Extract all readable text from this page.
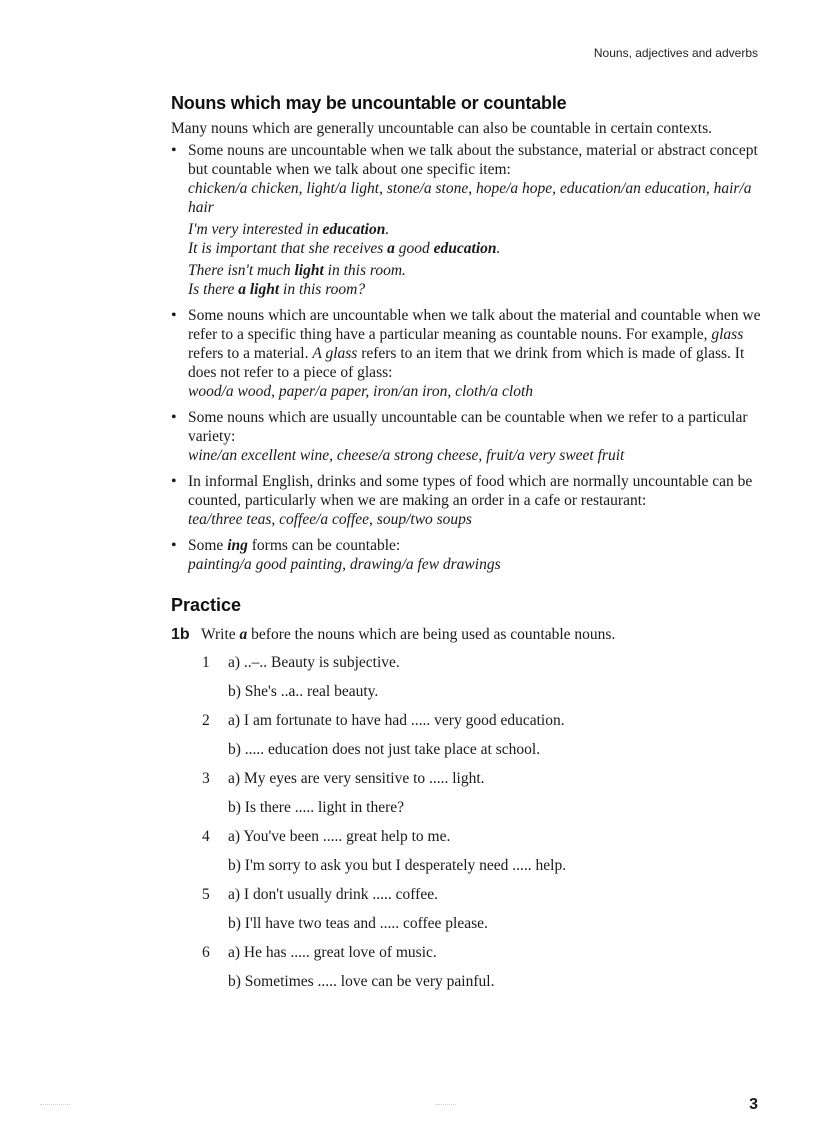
Nouns, adjectives and adverbs
Nouns which may be uncountable or countable

Many nouns which are generally uncountable can also be countable in certain contexts.

• Some nouns are uncountable when we talk about the substance, material or abstract concept but countable when we talk about one specific item:
chicken/a chicken, light/a light, stone/a stone, hope/a hope, education/an education, hair/a hair
I'm very interested in education.
It is important that she receives a good education.
There isn't much light in this room.
Is there a light in this room?
• Some nouns which are uncountable when we talk about the material and countable when we refer to a specific thing have a particular meaning as countable nouns. For example, glass refers to a material. A glass refers to an item that we drink from which is made of glass. It does not refer to a piece of glass:
wood/a wood, paper/a paper, iron/an iron, cloth/a cloth
• Some nouns which are usually uncountable can be countable when we refer to a particular variety:
wine/an excellent wine, cheese/a strong cheese, fruit/a very sweet fruit
• In informal English, drinks and some types of food which are normally uncountable can be counted, particularly when we are making an order in a cafe or restaurant:
tea/three teas, coffee/a coffee, soup/two soups
• Some ing forms can be countable:
painting/a good painting, drawing/a few drawings
Practice
1b Write a before the nouns which are being used as countable nouns.
1	a) ..–.. Beauty is subjective.
b) She's ..a.. real beauty.
2	a) I am fortunate to have had ..... very good education.
b) ..... education does not just take place at school.
3	a) My eyes are very sensitive to ..... light.
b) Is there ..... light in there?
4	a) You've been ..... great help to me.
b) I'm sorry to ask you but I desperately need ..... help.
5	a) I don't usually drink ..... coffee.
b) I'll have two teas and ..... coffee please.
6	a) He has ..... great love of music.
b) Sometimes ..... love can be very painful.
3
